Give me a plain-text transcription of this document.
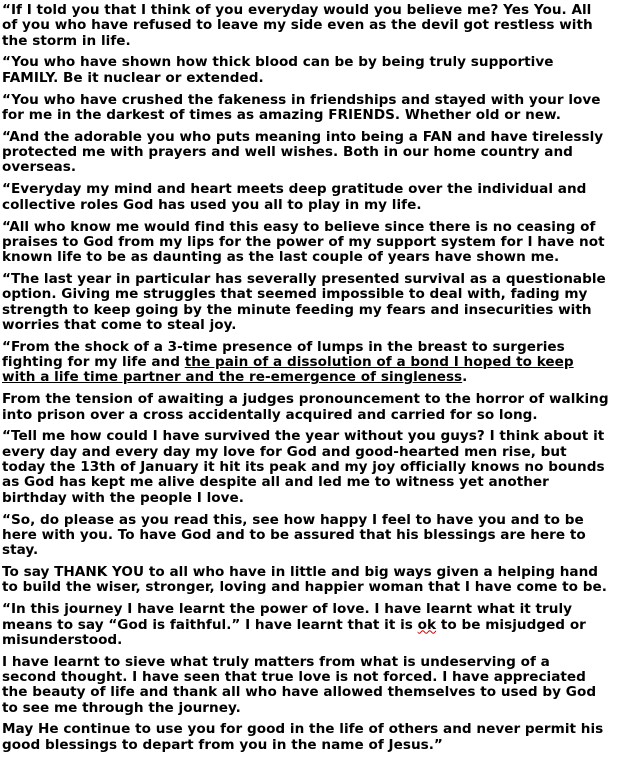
“If I told you that I think of you everyday would you believe me? Yes You. All
of you who have refused to leave my side even as the devil got restless with
the storm in life.
“You who have shown how thick blood can be by being truly supportive
FAMILY. Be it nuclear or extended.
“You who have crushed the fakeness in friendships and stayed with your love
for me in the darkest of times as amazing FRIENDS. Whether old or new.
“And the adorable you who puts meaning into being a FAN and have tirelessly
protected me with prayers and well wishes. Both in our home country and
overseas.
“Everyday my mind and heart meets deep gratitude over the individual and
collective roles God has used you all to play in my life.
“All who know me would find this easy to believe since there is no ceasing of
praises to God from my lips for the power of my support system for I have not
known life to be as daunting as the last couple of years have shown me.
“The last year in particular has severally presented survival as a questionable
option. Giving me struggles that seemed impossible to deal with, fading my
strength to keep going by the minute feeding my fears and insecurities with
worries that come to steal joy.
“From the shock of a 3-time presence of lumps in the breast to surgeries
fighting for my life and the pain of a dissolution of a bond I hoped to keep
with a life time partner and the re-emergence of singleness.
From the tension of awaiting a judges pronouncement to the horror of walking
into prison over a cross accidentally acquired and carried for so long.
“Tell me how could I have survived the year without you guys? I think about it
every day and every day my love for God and good-hearted men rise, but
today the 13th of January it hit its peak and my joy officially knows no bounds
as God has kept me alive despite all and led me to witness yet another
birthday with the people I love.
“So, do please as you read this, see how happy I feel to have you and to be
here with you. To have God and to be assured that his blessings are here to
stay.
To say THANK YOU to all who have in little and big ways given a helping hand
to build the wiser, stronger, loving and happier woman that I have come to be.
“In this journey I have learnt the power of love. I have learnt what it truly
means to say “God is faithful.” I have learnt that it is ok to be misjudged or
misunderstood.
I have learnt to sieve what truly matters from what is undeserving of a
second thought. I have seen that true love is not forced. I have appreciated
the beauty of life and thank all who have allowed themselves to used by God
to see me through the journey.
May He continue to use you for good in the life of others and never permit his
good blessings to depart from you in the name of Jesus.”
